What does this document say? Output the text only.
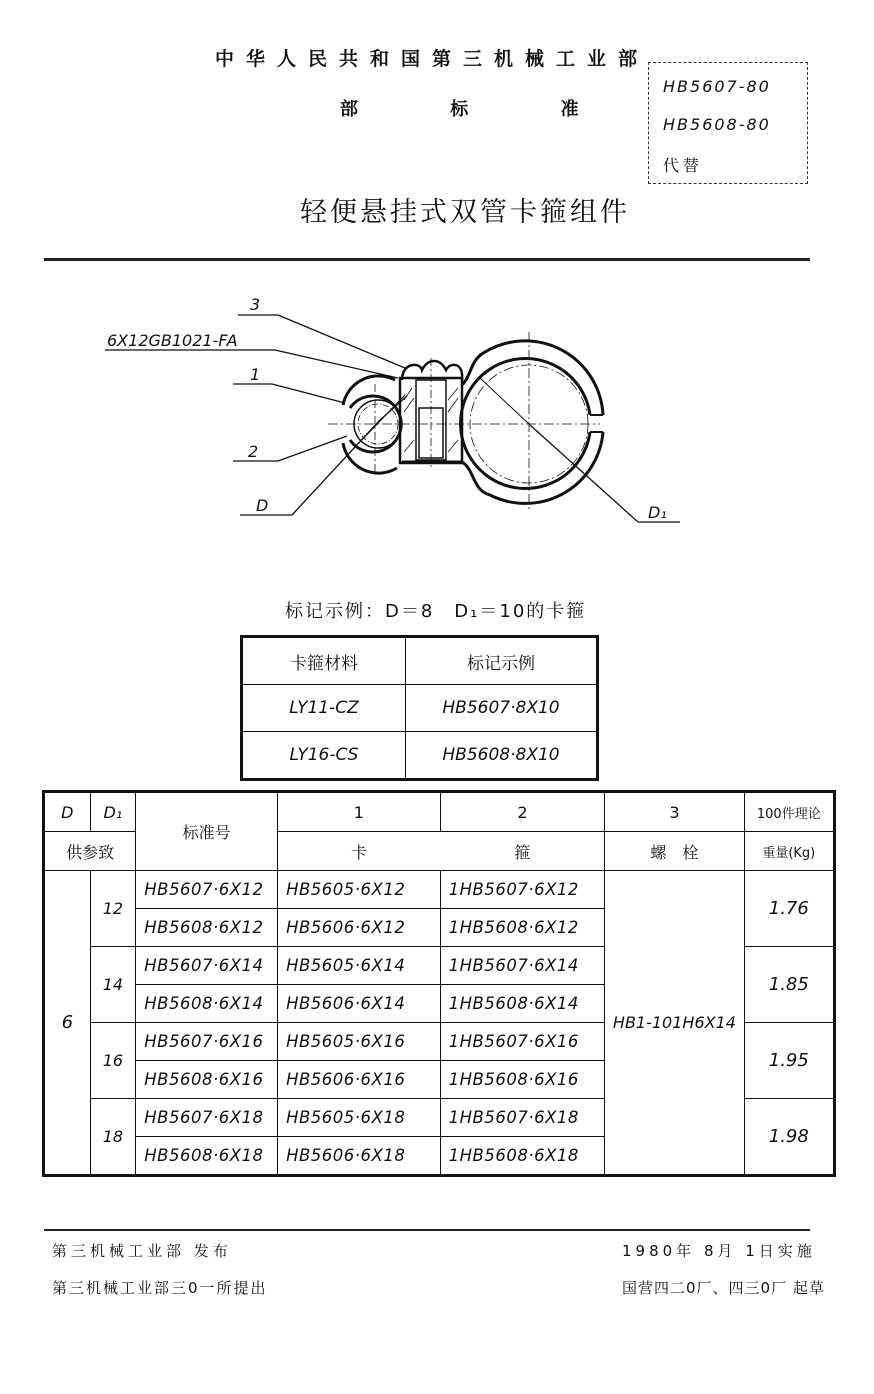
中华人民共和国第三机械工业部
部	标	准
HB5607-80
HB5608-80
代替
轻便悬挂式双管卡箍组件
3
6X12GB1021-FA
1
2
D	D₁
标记示例：D＝8　D₁＝10的卡箍
卡箍材料	标记示例
LY11-CZ	HB5607·8X10
LY16-CS	HB5608·8X10
D	D₁	标准号	1	2	3	100件理论
供参致			卡	箍	螺　栓	重量(Kg)
6	12	HB5607·6X12	HB5605·6X12	1HB5607·6X12	HB1-101H6X14	1.76
		HB5608·6X12	HB5606·6X12	1HB5608·6X12		
	14	HB5607·6X14	HB5605·6X14	1HB5607·6X14		1.85
		HB5608·6X14	HB5606·6X14	1HB5608·6X14		
	16	HB5607·6X16	HB5605·6X16	1HB5607·6X16		1.95
		HB5608·6X16	HB5606·6X16	1HB5608·6X16		
	18	HB5607·6X18	HB5605·6X18	1HB5607·6X18		1.98
		HB5608·6X18	HB5606·6X18	1HB5608·6X18		
第三机械工业部 发布
第三机械工业部三0一所提出
1980年 8月 1日实施
国营四二0厂、四三0厂 起草
